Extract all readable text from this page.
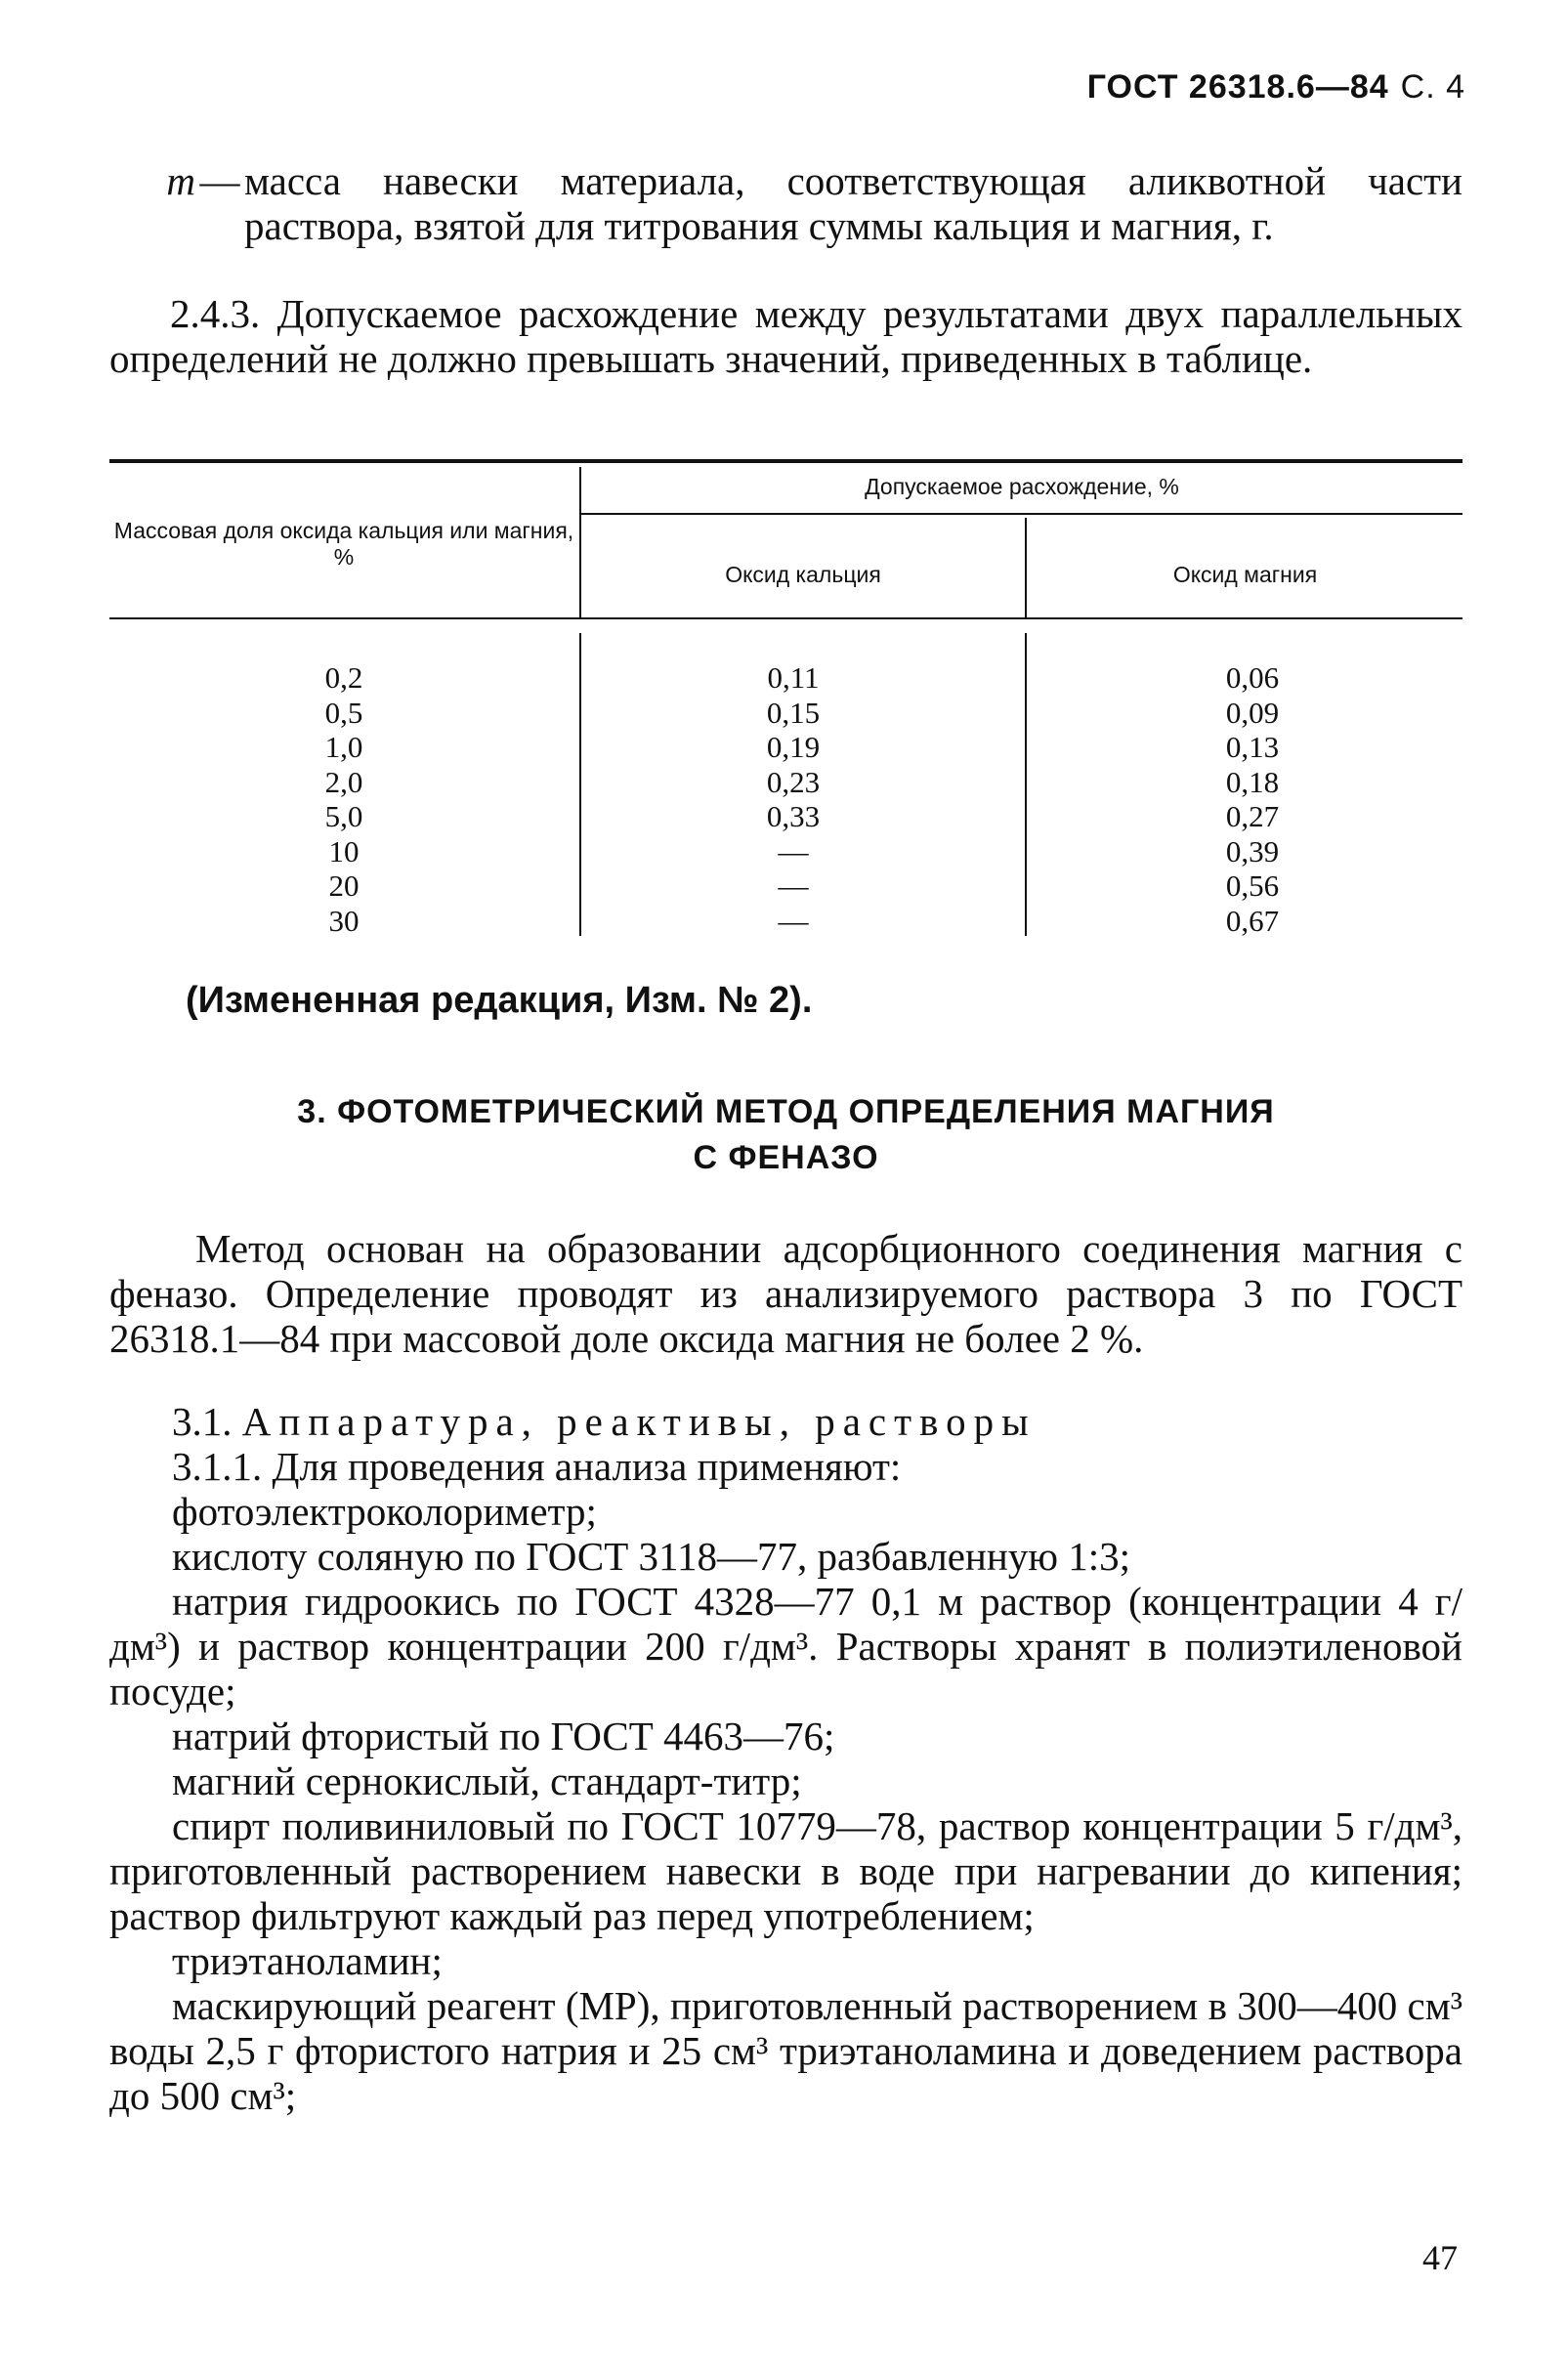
ГОСТ 26318.6—84 С. 4
m — масса навески материала, соответствующая аликвотной части раствора, взятой для титрования суммы кальция и магния, г.
2.4.3. Допускаемое расхождение между результатами двух параллельных определений не должно превышать значений, приведенных в таблице.
Массовая доля оксида кальция или магния, %
Допускаемое расхождение, %
Оксид кальция	Оксид магния
0,2
0,5
1,0
2,0
5,0
10
20
30
0,11
0,15
0,19
0,23
0,33
—
—
—
0,06
0,09
0,13
0,18
0,27
0,39
0,56
0,67
(Измененная редакция, Изм. № 2).
3. ФОТОМЕТРИЧЕСКИЙ МЕТОД ОПРЕДЕЛЕНИЯ МАГНИЯ
С ФЕНАЗО
Метод основан на образовании адсорбционного соединения магния с феназо. Определение проводят из анализируемого раствора 3 по ГОСТ 26318.1—84 при массовой доле оксида магния не более 2 %.
3.1. Аппаратура, реактивы, растворы
3.1.1. Для проведения анализа применяют:
фотоэлектроколориметр;
кислоту соляную по ГОСТ 3118—77, разбавленную 1:3;
натрия гидроокись по ГОСТ 4328—77 0,1 м раствор (концентрации 4 г/дм³) и раствор концентрации 200 г/дм³. Растворы хранят в полиэтиленовой посуде;
натрий фтористый по ГОСТ 4463—76;
магний сернокислый, стандарт-титр;
спирт поливиниловый по ГОСТ 10779—78, раствор концентрации 5 г/дм³, приготовленный растворением навески в воде при нагревании до кипения; раствор фильтруют каждый раз перед употреблением;
триэтаноламин;
маскирующий реагент (МР), приготовленный растворением в 300—400 см³ воды 2,5 г фтористого натрия и 25 см³ триэтаноламина и доведением раствора до 500 см³;
47
